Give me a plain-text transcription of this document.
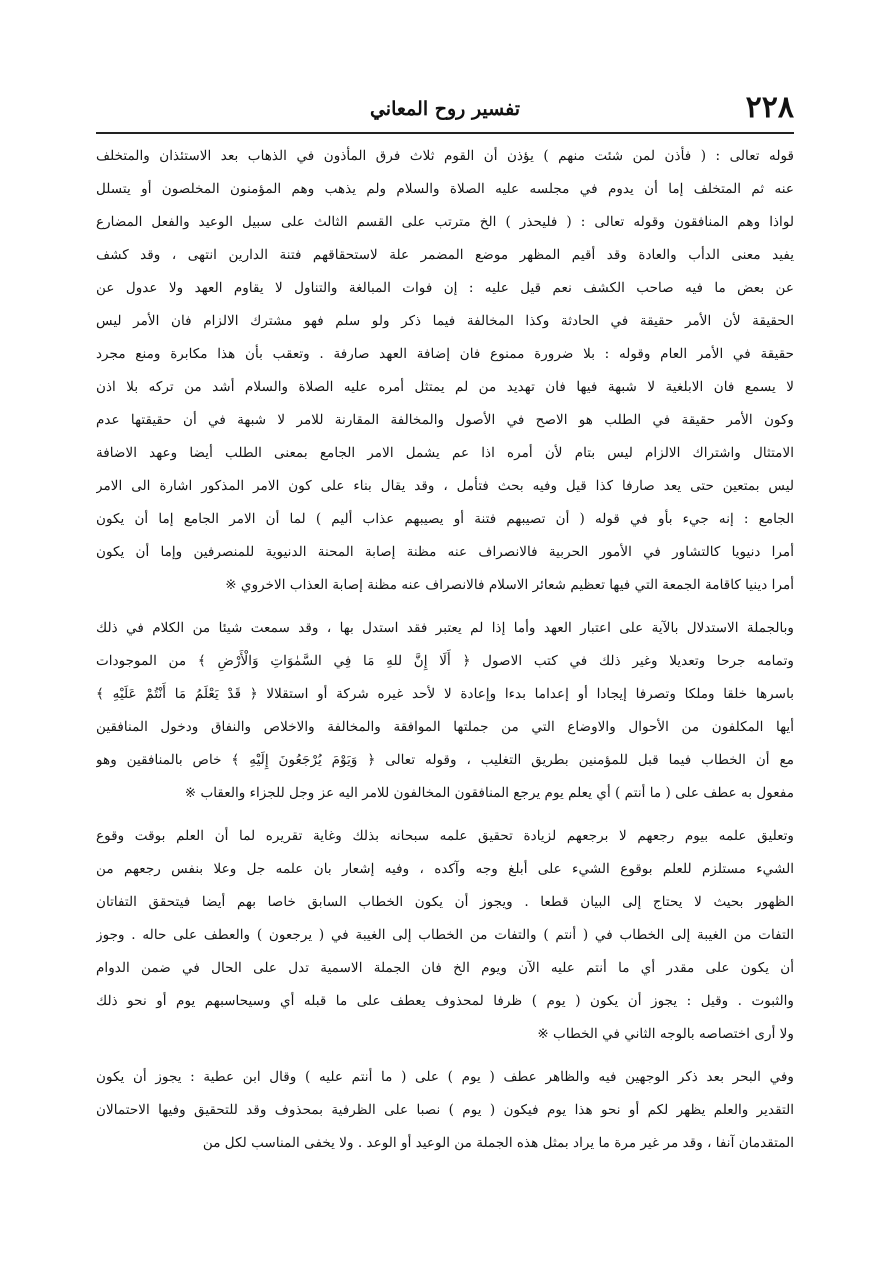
٢٢٨
تفسير روح المعاني
قوله تعالى : ( فأذن لمن شئت منهم ) يؤذن أن القوم ثلاث فرق المأذون في الذهاب بعد الاستئذان والمتخلف
عنه ثم المتخلف إما أن يدوم في مجلسه عليه الصلاة والسلام ولم يذهب وهم المؤمنون المخلصون أو يتسلل
لواذا وهم المنافقون وقوله تعالى : ( فليحذر ) الخ مترتب على القسم الثالث على سبيل الوعيد والفعل المضارع
يفيد معنى الدأب والعادة وقد أقيم المظهر موضع المضمر علة لاستحقاقهم فتنة الدارين انتهى ، وقد كشف
عن بعض ما فيه صاحب الكشف نعم قيل عليه : إن فوات المبالغة والتناول لا يقاوم العهد ولا عدول عن
الحقيقة لأن الأمر حقيقة في الحادثة وكذا المخالفة فيما ذكر ولو سلم فهو مشترك الالزام فان الأمر ليس
حقيقة في الأمر العام وقوله : بلا ضرورة ممنوع فان إضافة العهد صارفة . وتعقب بأن هذا مكابرة ومنع مجرد
لا يسمع فان الابلغية لا شبهة فيها فان تهديد من لم يمتثل أمره عليه الصلاة والسلام أشد من تركه بلا اذن
وكون الأمر حقيقة في الطلب هو الاصح في الأصول والمخالفة المقارنة للامر لا شبهة في أن حقيقتها عدم
الامتثال واشتراك الالزام ليس بتام لأن أمره اذا عم يشمل الامر الجامع بمعنى الطلب أيضا وعهد الاضافة
ليس بمتعين حتى يعد صارفا كذا قيل وفيه بحث فتأمل ، وقد يقال بناء على كون الامر المذكور اشارة الى الامر
الجامع : إنه جيء بأو في قوله ( أن تصيبهم فتنة أو يصيبهم عذاب أليم ) لما أن الامر الجامع إما أن يكون
أمرا دنيويا كالتشاور في الأمور الحربية فالانصراف عنه مظنة إصابة المحنة الدنيوية للمنصرفين وإما أن يكون
أمرا دينيا كاقامة الجمعة التي فيها تعظيم شعائر الاسلام فالانصراف عنه مظنة إصابة العذاب الاخروي ※
وبالجملة الاستدلال بالآية على اعتبار العهد وأما إذا لم يعتبر فقد استدل بها ، وقد سمعت شيئا من الكلام في ذلك
وتمامه جرحا وتعديلا وغير ذلك في كتب الاصول ﴿ أَلَا إِنَّ للهِ مَا فِي السَّمٰوَاتِ وَالْأَرْضِ ﴾ من الموجودات
باسرها خلقا وملكا وتصرفا إيجادا أو إعداما بدءا وإعادة لا لأحد غيره شركة أو استقلالا ﴿ قَدْ يَعْلَمُ مَا أَنْتُمْ عَلَيْهِ ﴾
أيها المكلفون من الأحوال والاوضاع التي من جملتها الموافقة والمخالفة والاخلاص والنفاق ودخول المنافقين
مع أن الخطاب فيما قبل للمؤمنين بطريق التغليب ، وقوله تعالى ﴿ وَيَوْمَ يُرْجَعُونَ إِلَيْهِ ﴾ خاص بالمنافقين وهو
مفعول به عطف على ( ما أنتم ) أي يعلم يوم يرجع المنافقون المخالفون للامر اليه عز وجل للجزاء والعقاب ※
وتعليق علمه بيوم رجعهم لا برجعهم لزيادة تحقيق علمه سبحانه بذلك وغاية تقريره لما أن العلم بوقت وقوع
الشيء مستلزم للعلم بوقوع الشيء على أبلغ وجه وآكده ، وفيه إشعار بان علمه جل وعلا بنفس رجعهم من
الظهور بحيث لا يحتاج إلى البيان قطعا . ويجوز أن يكون الخطاب السابق خاصا بهم أيضا فيتحقق التفاتان
التفات من الغيبة إلى الخطاب في ( أنتم ) والتفات من الخطاب إلى الغيبة في ( يرجعون ) والعطف على حاله . وجوز
أن يكون على مقدر أي ما أنتم عليه الآن ويوم الخ فان الجملة الاسمية تدل على الحال في ضمن الدوام
والثبوت . وقيل : يجوز أن يكون ( يوم ) ظرفا لمحذوف يعطف على ما قبله أي وسيحاسبهم يوم أو نحو ذلك
ولا أرى اختصاصه بالوجه الثاني في الخطاب ※
وفي البحر بعد ذكر الوجهين فيه والظاهر عطف ( يوم ) على ( ما أنتم عليه ) وقال ابن عطية : يجوز أن يكون
التقدير والعلم يظهر لكم أو نحو هذا يوم فيكون ( يوم ) نصبا على الظرفية بمحذوف وقد للتحقيق وفيها الاحتمالان
المتقدمان آنفا ، وقد مر غير مرة ما يراد بمثل هذه الجملة من الوعيد أو الوعد . ولا يخفى المناسب لكل من
